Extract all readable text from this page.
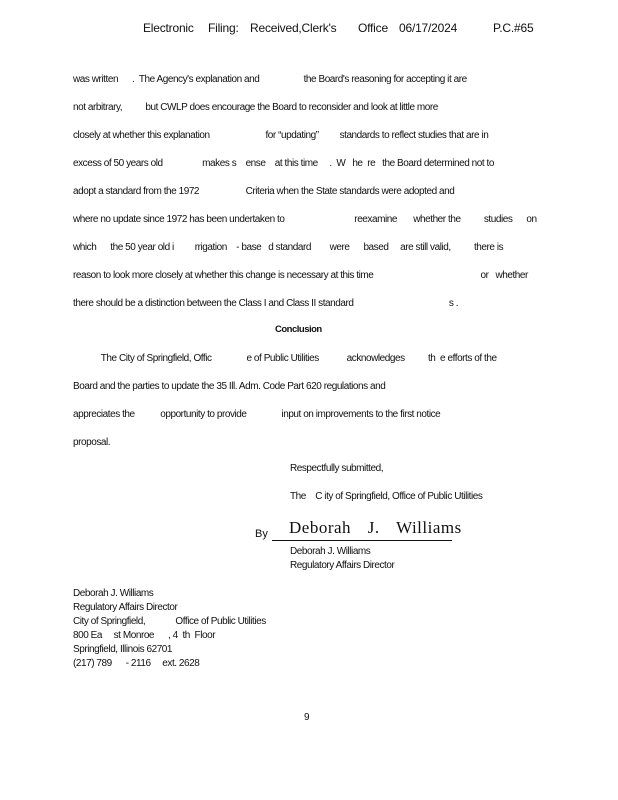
Electronic Filing: Received,Clerk's Office 06/17/2024	P.C.#65
was written      .  The Agency's explanation and                   the Board's reasoning for accepting it are
not arbitrary,          but CWLP does encourage the Board to reconsider and look at little more
closely at whether this explanation                        for “updating”         standards to reflect studies that are in
excess of 50 years old                 makes s    ense    at this time     .  W   he  re   the Board determined not to
adopt a standard from the 1972                    Criteria when the State standards were adopted and
where no update since 1972 has been undertaken to                              reexamine       whether the          studies      on
which      the 50 year old i         rrigation    - base   d standard        were      based     are still valid,          there is
reason to look more closely at whether this change is necessary at this time                                              or   whether
there should be a distinction between the Class I and Class II standard                                         s .
Conclusion
The City of Springfield, Offic               e of Public Utilities            acknowledges          th  e efforts of the
Board and the parties to update the 35 Ill. Adm. Code Part 620 regulations and
appreciates the           opportunity to provide               input on improvements to the first notice
proposal.
Respectfully submitted,
The    C ity of Springfield, Office of Public Utilities
By Deborah J. Williams
Deborah J. Williams
Regulatory Affairs Director
Deborah J. Williams
Regulatory Affairs Director
City of Springfield,             Office of Public Utilities
800 Ea     st Monroe      , 4  th  Floor
Springfield, Illinois 62701
(217) 789      - 2116     ext. 2628
9
